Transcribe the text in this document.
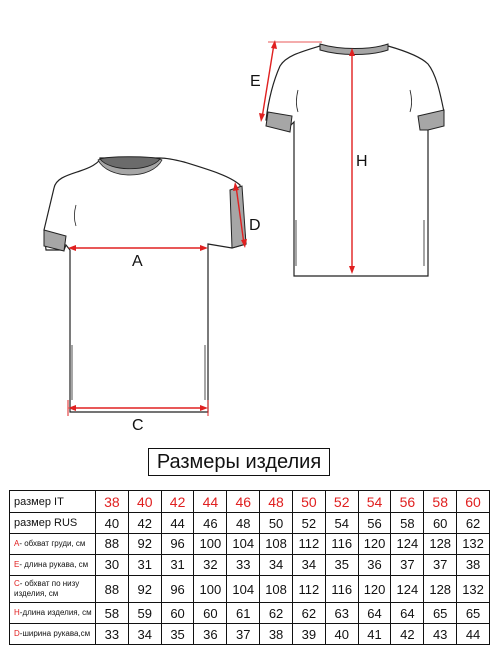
A
C
D
H
E
Размеры изделия
размер IT	38	40	42	44	46	48	50	52	54	56	58	60
размер RUS	40	42	44	46	48	50	52	54	56	58	60	62
A- обхват груди, см	88	92	96	100	104	108	112	116	120	124	128	132
E- длина рукава, см	30	31	31	32	33	34	34	35	36	37	37	38
C- обхват по низу изделия, см	88	92	96	100	104	108	112	116	120	124	128	132
H-длина изделия, см	58	59	60	60	61	62	62	63	64	64	65	65
D-ширина рукава,см	33	34	35	36	37	38	39	40	41	42	43	44
